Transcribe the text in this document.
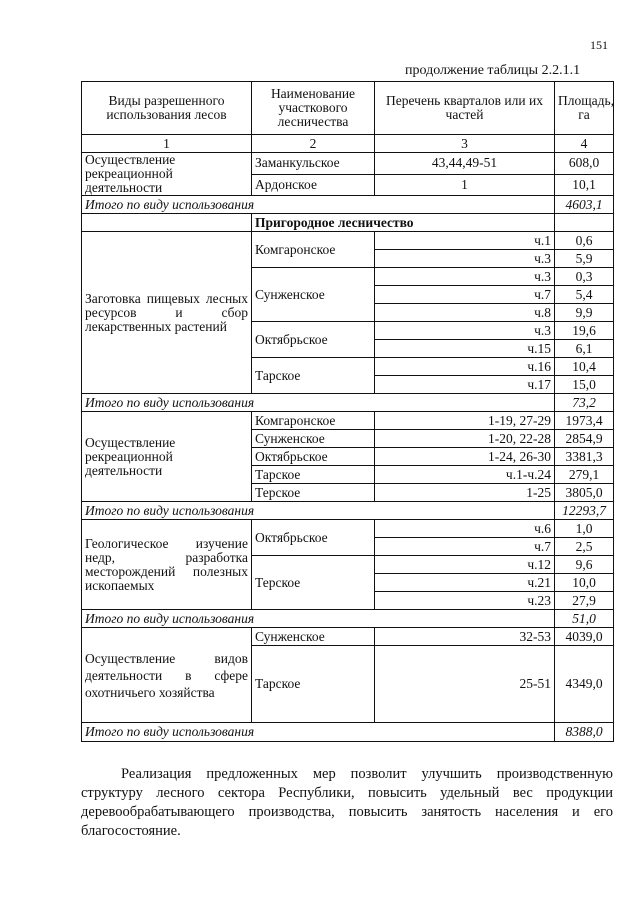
151
продолжение таблицы 2.2.1.1
Виды разрешенного использования лесов	Наименование участкового лесничества	Перечень кварталов или их частей	Площадь, га
1	2	3	4
Осуществление рекреационной деятельности	Заманкульское	43,44,49-51	608,0
	Ардонское	1	10,1
Итого по виду использования			4603,1
	Пригородное лесничество		
Заготовка пищевых лесных ресурсов и сбор лекарственных растений	Комгаронское	ч.1	0,6
		ч.3	5,9
	Сунженское	ч.3	0,3
		ч.7	5,4
		ч.8	9,9
	Октябрьское	ч.3	19,6
		ч.15	6,1
	Тарское	ч.16	10,4
		ч.17	15,0
Итого по виду использования			73,2
Осуществление рекреационной деятельности	Комгаронское	1-19, 27-29	1973,4
	Сунженское	1-20, 22-28	2854,9
	Октябрьское	1-24, 26-30	3381,3
	Тарское	ч.1-ч.24	279,1
	Терское	1-25	3805,0
Итого по виду использования			12293,7
Геологическое изучение недр, разработка месторождений полезных ископаемых	Октябрьское	ч.6	1,0
		ч.7	2,5
	Терское	ч.12	9,6
		ч.21	10,0
		ч.23	27,9
Итого по виду использования			51,0
Осуществление видов деятельности в сфере охотничьего хозяйства	Сунженское	32-53	4039,0
	Тарское	25-51	4349,0
Итого по виду использования			8388,0

Реализация предложенных мер позволит улучшить производственную структуру лесного сектора Республики, повысить удельный вес продукции деревообрабатывающего производства, повысить занятость населения и его благосостояние.
